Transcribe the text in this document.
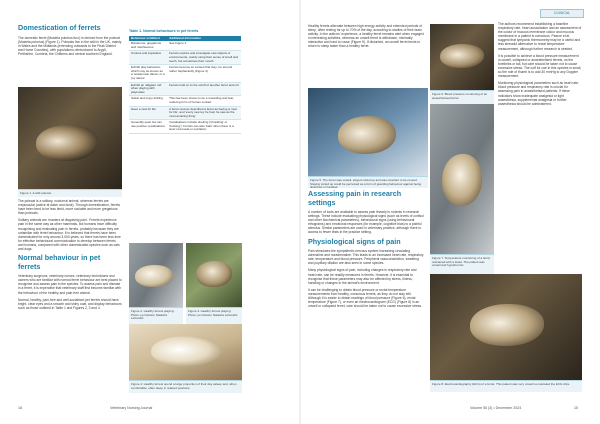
Domestication of ferrets

The domestic ferret (Mustela putorius furo) is derived from the polecat (Mustela putorius) (Figure 1). Polecats live in the wild in the UK, mainly in Wales and the Midlands (extending outwards to the Peak District and Home Counties), with populations reintroduced to Argyll, Perthshire, Cumbria, the Chilterns and central southern England.

Figure 1. A wild polecat.

The polecat is a solitary, nocturnal animal, whereas ferrets are crepuscular (active at dawn and dusk). Through domestication, ferrets have been bred to be less timid, more sociable and more gregarious than polecats.

Solitary animals are 'masters at disguising pain'. Ferrets experience pain in the same way as other mammals, but humans have difficulty recognising and evaluating pain in ferrets, probably because they are unfamiliar with ferret behaviour. It is believed that ferrets have been domesticated for only around 3,000 years, so there has been less time for effective behavioural communication to develop between ferrets and humans, compared with other domesticated species such as cats and dogs.

Normal behaviour in pet ferrets

Veterinary surgeons, veterinary nurses, veterinary technicians and owners who are familiar with normal ferret behaviour are best placed to recognise and assess pain in the species. To assess pain and disease in a ferret, it is imperative that veterinary staff first become familiar with the behaviour of the healthy and pain-free animal.

Normal, healthy, pain-free and well-socialised pet ferrets should have bright, clear eyes and a smooth and shiny coat, and display behaviours such as those outlined in Table 1 and Figures 2, 3 and 4.

Table 1. Normal behaviours in pet ferrets
Behaviour exhibited	Additional information
Boisterous, gregarious and mischievous	See Figure 2
Curious and inquisitive	Ferrets explore and investigate new objects or environments, mainly using their sense of smell and touch, but sometimes their mouth
Exhibit play behaviour, which may be known as a 'weasel war dance' or a 'joy dance'	Ferrets become so excited that they run around rather haphazardly (Figure 3)
Exhibit an 'alligator roll' when playing with playmates	Ferrets hold on to the scruff of another ferret and roll
Solicit and enjoy tickling	This has been shown to be a rewarding and fear-reducing form of human contact
Have a zest for life	A ferret rescuer described a ferret as having a 'zest for life', and 'every new toy he had, he saw as the most amazing thing'
Generally quiet but can use positive vocalisations	Vocalisations include dooking ('chuckling' or 'bucking'). Ferrets can also 'bark' when there is a level of arousal or excitation
Figure 2. Healthy ferrets playing. Photo: permission Natasha Lefcowitz.
Figure 3. Healthy ferrets playing. Photo: permission Natasha Lefcowitz.
Figure 4. Healthy ferrets spend a large proportion of their day asleep and, when comfortable, often sleep in relaxed positions.
18	Veterinary Nursing Journal
CLINICAL

Healthy ferrets alternate between high energy activity and extended periods of sleep, often resting for up to 70% of the day, according to studies of their brain activity. In the authors' experience, a healthy ferret remains alert when engaged in interesting activities, whereas an unwell ferret is withdrawn, minimally interactive and hard to rouse (Figure 5). If disturbed, an unwell ferret tends to return to sleep faster than a healthy ferret.

Figure 5. The ferret was unwell, stayed curled up and was reluctant to be roused. Staying curled up could be perceived as a form of guarding behaviour against being disturbed or handled.
Figure 6. Blood pressure monitoring of an anaesthetised ferret.
Figure 7. Temperature monitoring of a ferret restrained with a towel. The patient was unwell and hypothermic.
Assessing pain in research settings

A number of tools are available to assess pain linearly in rodents in research settings. These include evaluating physiological signs (such as levels of cortisol and other biochemical parameters), behavioural signs (using behavioural ethograms) and emotional responses (for example, cognitive bias) to a painful stimulus. Similar parameters are used in veterinary practice, although there is access to fewer tests in the practice setting.

Physiological signs of pain

Pain stimulates the sympathetic nervous system increasing circulating adrenaline and noradrenaline. This leads to an increased heart rate, respiratory rate, temperature and blood pressure. Peripheral vasoconstriction, sweating and pupillary dilation are also seen in some species.

Many physiological signs of pain, including changes in respiratory rate and heart rate, can be readily measured in ferrets. However, it is essential to recognise that these parameters may also be affected by stress, illness, handling or changes in the animal's environment.

It can be challenging to obtain blood pressure or rectal temperature measurements from healthy, conscious ferrets, as they do not stay still. Although it is easier to obtain readings of blood pressure (Figure 6), rectal temperature (Figure 7), or even an electrocardiogram (ECG) (Figure 8) in an unwell or collapsed ferret, care should be taken not to cause excessive stress.

Figure 8. Electrocardiography (ECG) of a ferret. This patient was very unwell so tolerated the ECG clips.

The authors recommend establishing a baseline respiratory rate, heart auscultation and an assessment of the colour of mucous membrane colour and mucous membrane in a patient is conscious. Pearce et al. suggest that tympanic thermometry may be a useful and less stressful alternative to rectal temperature measurement, although further research is needed.

It is possible to achieve a blood pressure measurement in unwell, collapsed or anaesthetised ferrets, on the forelimbs or tail, but care should be taken not to cause excessive stress. The cuff for use in this species is small, so the rule of thumb is to add 30 mmHg to any Doppler measurement.

Monitoring physiological parameters such as heart rate, blood pressure and respiratory rate is crucial for assessing pain in anaesthetised patients. If these indicators show inadequate analgesia or light anaesthesia, supplemental analgesia or further anaesthesia should be administered.

Volume 55 (3) • December 2024	15
